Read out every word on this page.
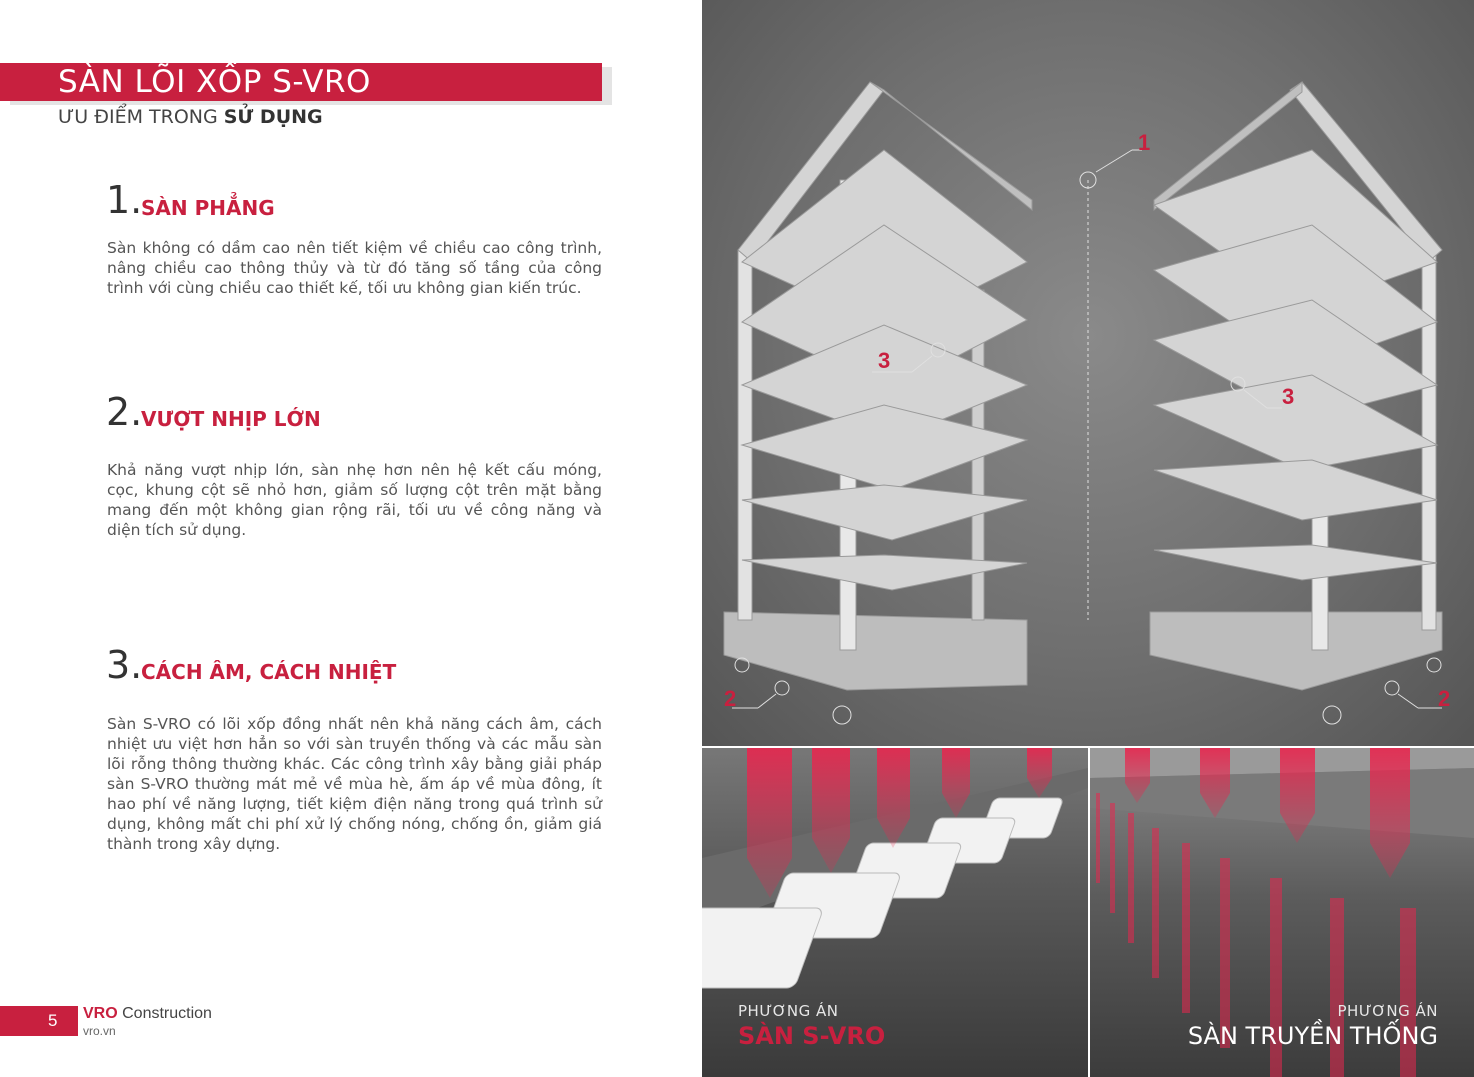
SÀN LÕI XỐP S-VRO
ƯU ĐIỂM TRONG SỬ DỤNG
1.
SÀN PHẲNG
Sàn không có dầm cao nên tiết kiệm về chiều cao công trình, nâng chiều cao thông thủy và từ đó tăng số tầng của công trình với cùng chiều cao thiết kế, tối ưu không gian kiến trúc.
2.
VƯỢT NHỊP LỚN
Khả năng vượt nhịp lớn, sàn nhẹ hơn nên hệ kết cấu móng, cọc, khung cột sẽ nhỏ hơn, giảm số lượng cột trên mặt bằng mang đến một không gian rộng rãi, tối ưu về công năng và diện tích sử dụng.
3.
CÁCH ÂM, CÁCH NHIỆT
Sàn S-VRO có lõi xốp đồng nhất nên khả năng cách âm, cách nhiệt ưu việt hơn hẳn so với sàn truyền thống và các mẫu sàn lõi rỗng thông thường khác. Các công trình xây bằng giải pháp sàn S-VRO thường mát mẻ về mùa hè, ấm áp về mùa đông, ít hao phí về năng lượng, tiết kiệm điện năng trong quá trình sử dụng, không mất chi phí xử lý chống nóng, chống ồn, giảm giá thành trong xây dựng.
5 VRO Construction
vro.vn
1
2	2
3
3
PHƯƠNG ÁN
SÀN S-VRO
PHƯƠNG ÁN
SÀN TRUYỀN THỐNG
